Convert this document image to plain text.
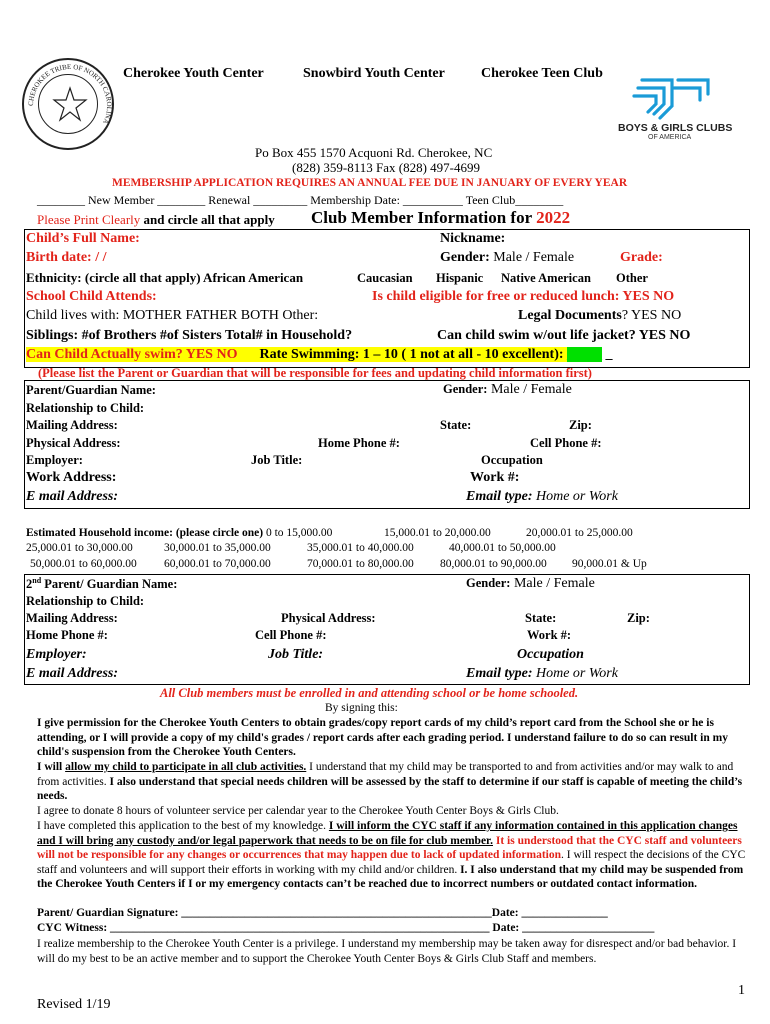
CHEROKEE TRIBE OF NORTH CAROLINA
Cherokee Youth Center	Snowbird Youth Center	Cherokee Teen Club
BOYS & GIRLS CLUBS
OF AMERICA
Po Box 455 1570 Acquoni Rd. Cherokee, NC
(828) 359-8113 Fax (828) 497-4699
MEMBERSHIP APPLICATION REQUIRES AN ANNUAL FEE DUE IN JANUARY OF EVERY YEAR
________ New Member ________ Renewal _________ Membership Date: __________ Teen Club________
Please Print Clearly and circle all that apply Club Member Information for 2022
Child’s Full Name:	Nickname:
Birth date: / /	Gender: Male / Female	Grade:
Ethnicity: (circle all that apply) African American	Caucasian Hispanic Native American Other
School Child Attends:	Is child eligible for free or reduced lunch: YES NO
Child lives with: MOTHER FATHER BOTH Other:	Legal Documents? YES NO
Siblings: #of Brothers #of Sisters Total# in Household?	Can child swim w/out life jacket? YES NO
Can Child Actually swim? YES NO Rate Swimming: 1 – 10 ( 1 not at all - 10 excellent): _____ _
(Please list the Parent or Guardian that will be responsible for fees and updating child information first)
Parent/Guardian Name:	Gender: Male / Female
Relationship to Child:
Mailing Address:	State:	Zip:
Physical Address:	Home Phone #:	Cell Phone #:
Employer:	Job Title:	Occupation
Work Address:	Work #:
E mail Address:	Email type: Home or Work
Estimated Household income: (please circle one) 0 to 15,000.00	15,000.01 to 20,000.00	20,000.01 to 25,000.00
25,000.01 to 30,000.00	30,000.01 to 35,000.00	35,000.01 to 40,000.00	40,000.01 to 50,000.00
50,000.01 to 60,000.00 60,000.01 to 70,000.00	70,000.01 to 80,000.00 80,000.01 to 90,000.00 90,000.01 & Up
2nd Parent/ Guardian Name:	Gender: Male / Female
Relationship to Child:
Mailing Address:	Physical Address:	State:	Zip:
Home Phone #:	Cell Phone #:	Work #:
Employer:	Job Title:	Occupation
E mail Address:	Email type: Home or Work
All Club members must be enrolled in and attending school or be home schooled.
By signing this:
I give permission for the Cherokee Youth Centers to obtain grades/copy report cards of my child’s report card from the School she or he is attending, or I will provide a copy of my child's grades / report cards after each grading period. I understand failure to do so can result in my child's suspension from the Cherokee Youth Centers.
I will allow my child to participate in all club activities. I understand that my child may be transported to and from activities and/or may walk to and from activities. I also understand that special needs children will be assessed by the staff to determine if our staff is capable of meeting the child’s needs.
I agree to donate 8 hours of volunteer service per calendar year to the Cherokee Youth Center Boys & Girls Club.
I have completed this application to the best of my knowledge. I will inform the CYC staff if any information contained in this application changes and I will bring any custody and/or legal paperwork that needs to be on file for club member. It is understood that the CYC staff and volunteers will not be responsible for any changes or occurrences that may happen due to lack of updated information. I will respect the decisions of the CYC staff and volunteers and will support their efforts in working with my child and/or children. I. I also understand that my child may be suspended from the Cherokee Youth Centers if I or my emergency contacts can’t be reached due to incorrect numbers or outdated contact information.
Parent/ Guardian Signature: ______________________________________________________Date: _______________
CYC Witness: __________________________________________________________________ Date: _______________________
I realize membership to the Cherokee Youth Center is a privilege. I understand my membership may be taken away for disrespect and/or bad behavior. I will do my best to be an active member and to support the Cherokee Youth Center Boys & Girls Club Staff and members.
1
Revised 1/19
